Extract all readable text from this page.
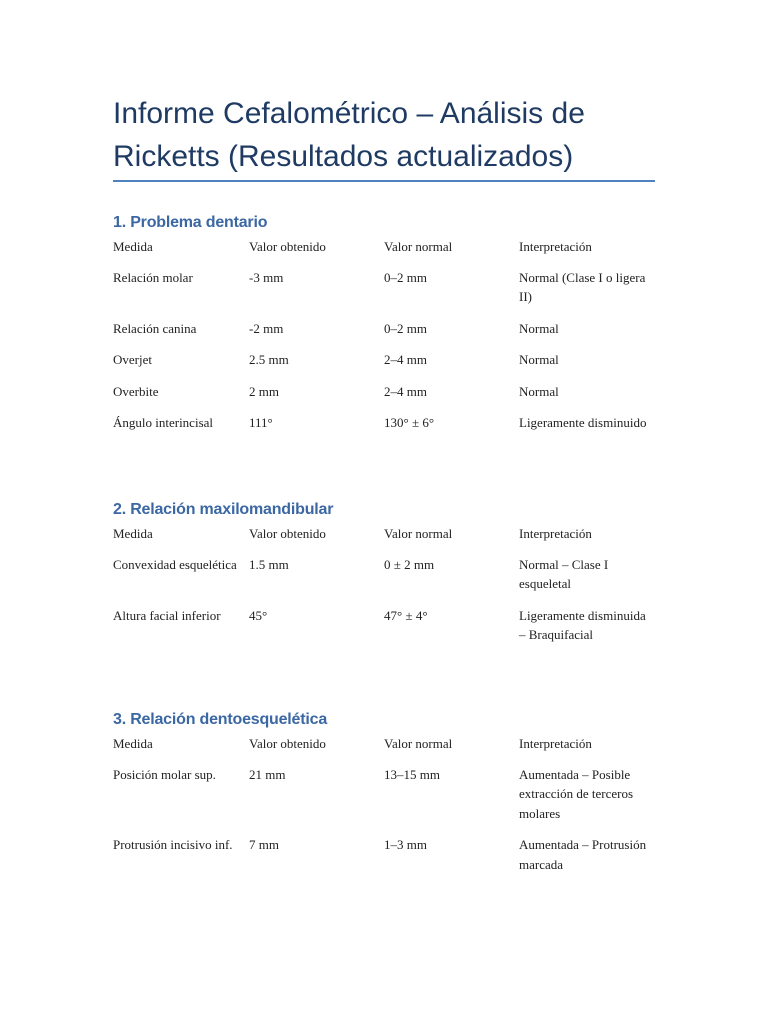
Informe Cefalométrico – Análisis de Ricketts (Resultados actualizados)
1. Problema dentario
Medida	Valor obtenido	Valor normal	Interpretación
Relación molar	-3 mm	0–2 mm	Normal (Clase I o ligera II)
Relación canina	-2 mm	0–2 mm	Normal
Overjet	2.5 mm	2–4 mm	Normal
Overbite	2 mm	2–4 mm	Normal
Ángulo interincisal	111°	130° ± 6°	Ligeramente disminuido
2. Relación maxilomandibular
Medida	Valor obtenido	Valor normal	Interpretación
Convexidad esquelética 1.5 mm	0 ± 2 mm	Normal – Clase I esqueletal
Altura facial inferior	45°	47° ± 4°	Ligeramente disminuida – Braquifacial
3. Relación dentoesquelética
Medida	Valor obtenido	Valor normal	Interpretación
Posición molar sup.	21 mm	13–15 mm	Aumentada – Posible extracción de terceros molares
Protrusión incisivo inf.	7 mm	1–3 mm	Aumentada – Protrusión marcada
